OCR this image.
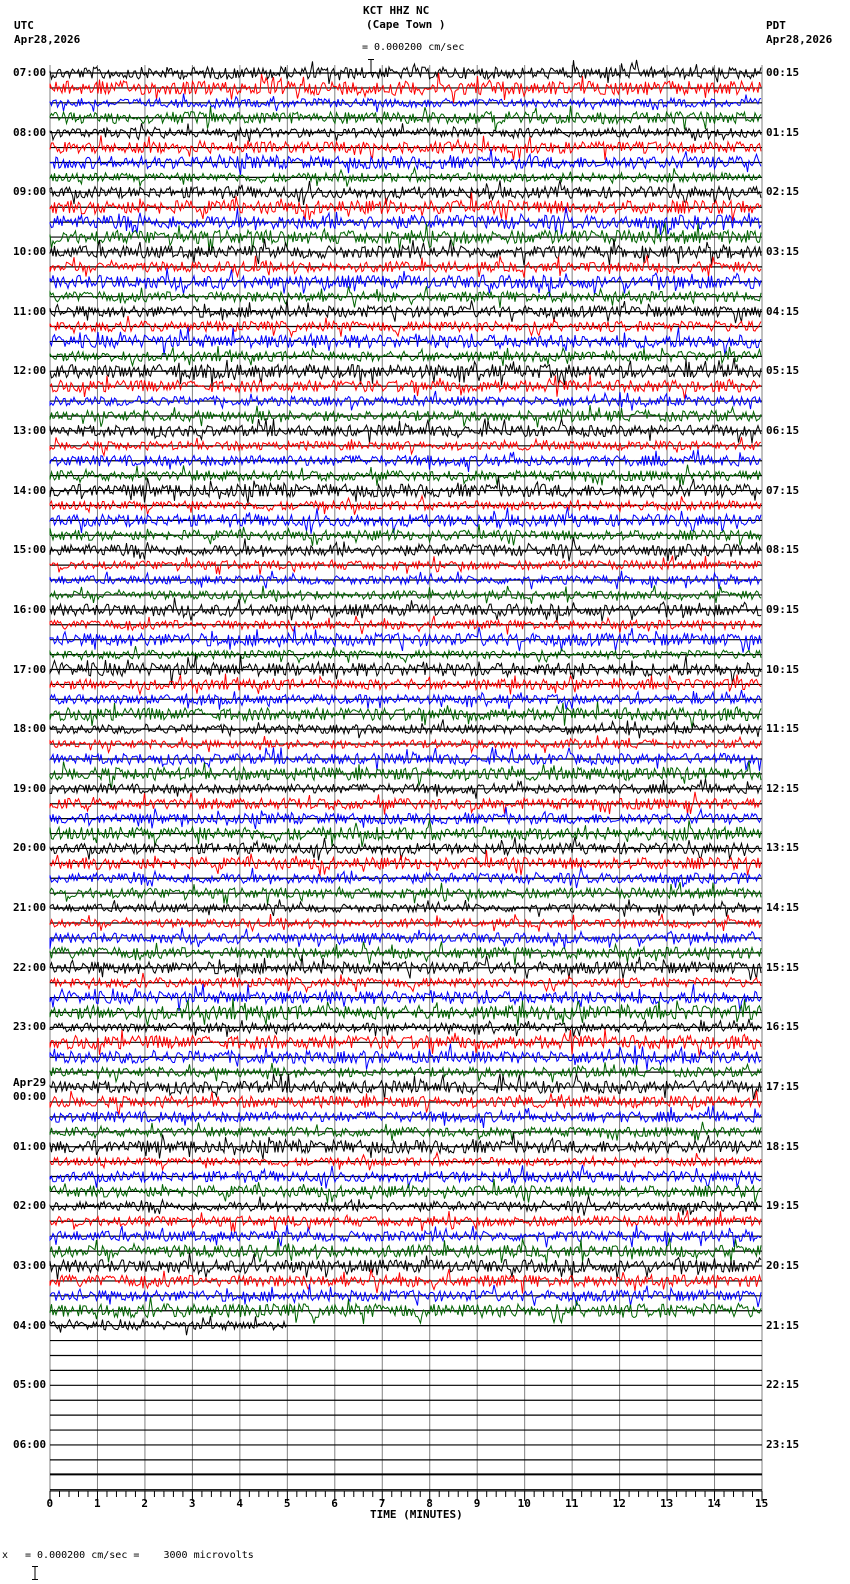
KCT HHZ NC
(Cape Town )

= 0.000200 cm/sec
UTC
Apr28,2026
PDT
Apr28,2026
07:00
08:00
09:00
10:00
11:00
12:00
13:00
14:00
15:00
16:00
17:00
18:00
19:00
20:00
21:00
22:00
23:00
Apr29
00:00
01:00
02:00
03:00
04:00
05:00
06:00
00:15
01:15
02:15
03:15
04:15
05:15
06:15
07:15
08:15
09:15
10:15
11:15
12:15
13:15
14:15
15:15
16:15
17:15
18:15
19:15
20:15
21:15
22:15
23:15
0	1	2	3	4	5	6	7	8	9	10	11	12	13	14	15
TIME (MINUTES)
x

= 0.000200 cm/sec =    3000 microvolts
